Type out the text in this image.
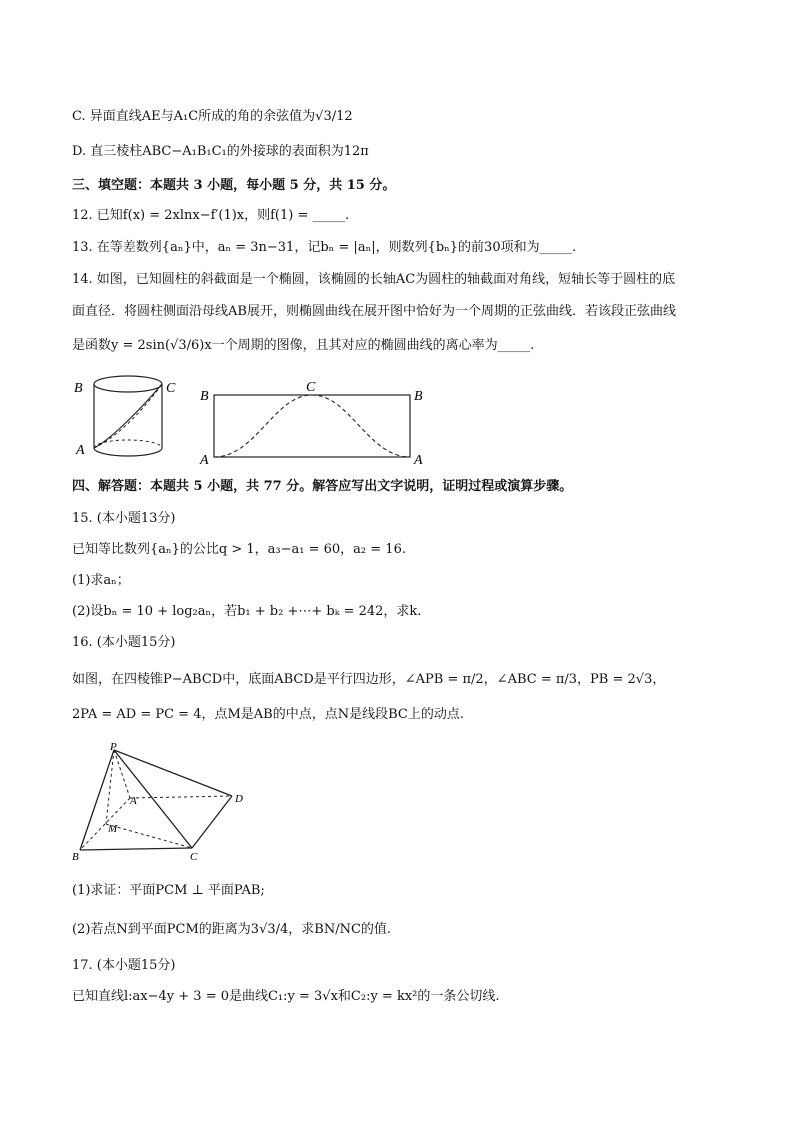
C. 异面直线AE与A₁C所成的角的余弦值为√3/12
D. 直三棱柱ABC−A₁B₁C₁的外接球的表面积为12π
三、填空题：本题共 3 小题，每小题 5 分，共 15 分。
12. 已知f(x) = 2xlnx−f′(1)x，则f(1) = _____.
13. 在等差数列{aₙ}中，aₙ = 3n−31，记bₙ = |aₙ|，则数列{bₙ}的前30项和为_____.
14. 如图，已知圆柱的斜截面是一个椭圆，该椭圆的长轴AC为圆柱的轴截面对角线，短轴长等于圆柱的底
面直径．将圆柱侧面沿母线AB展开，则椭圆曲线在展开图中恰好为一个周期的正弦曲线．若该段正弦曲线
是函数y = 2sin(√3/6)x一个周期的图像，且其对应的椭圆曲线的离心率为_____.
B	C
A
B
C
B
A	A
四、解答题：本题共 5 小题，共 77 分。解答应写出文字说明，证明过程或演算步骤。
15. (本小题13分)
已知等比数列{aₙ}的公比q > 1，a₃−a₁ = 60，a₂ = 16.
(1)求aₙ；
(2)设bₙ = 10 + log₂aₙ，若b₁ + b₂ +⋯+ bₖ = 242，求k.
16. (本小题15分)
如图，在四棱锥P−ABCD中，底面ABCD是平行四边形，∠APB = π/2，∠ABC = π/3，PB = 2√3，
2PA = AD = PC = 4，点M是AB的中点，点N是线段BC上的动点.
P
A	D
M
B	C
(1)求证：平面PCM ⊥ 平面PAB;
(2)若点N到平面PCM的距离为3√3/4，求BN/NC的值.
17. (本小题15分)
已知直线l:ax−4y + 3 = 0是曲线C₁:y = 3√x和C₂:y = kx²的一条公切线.
